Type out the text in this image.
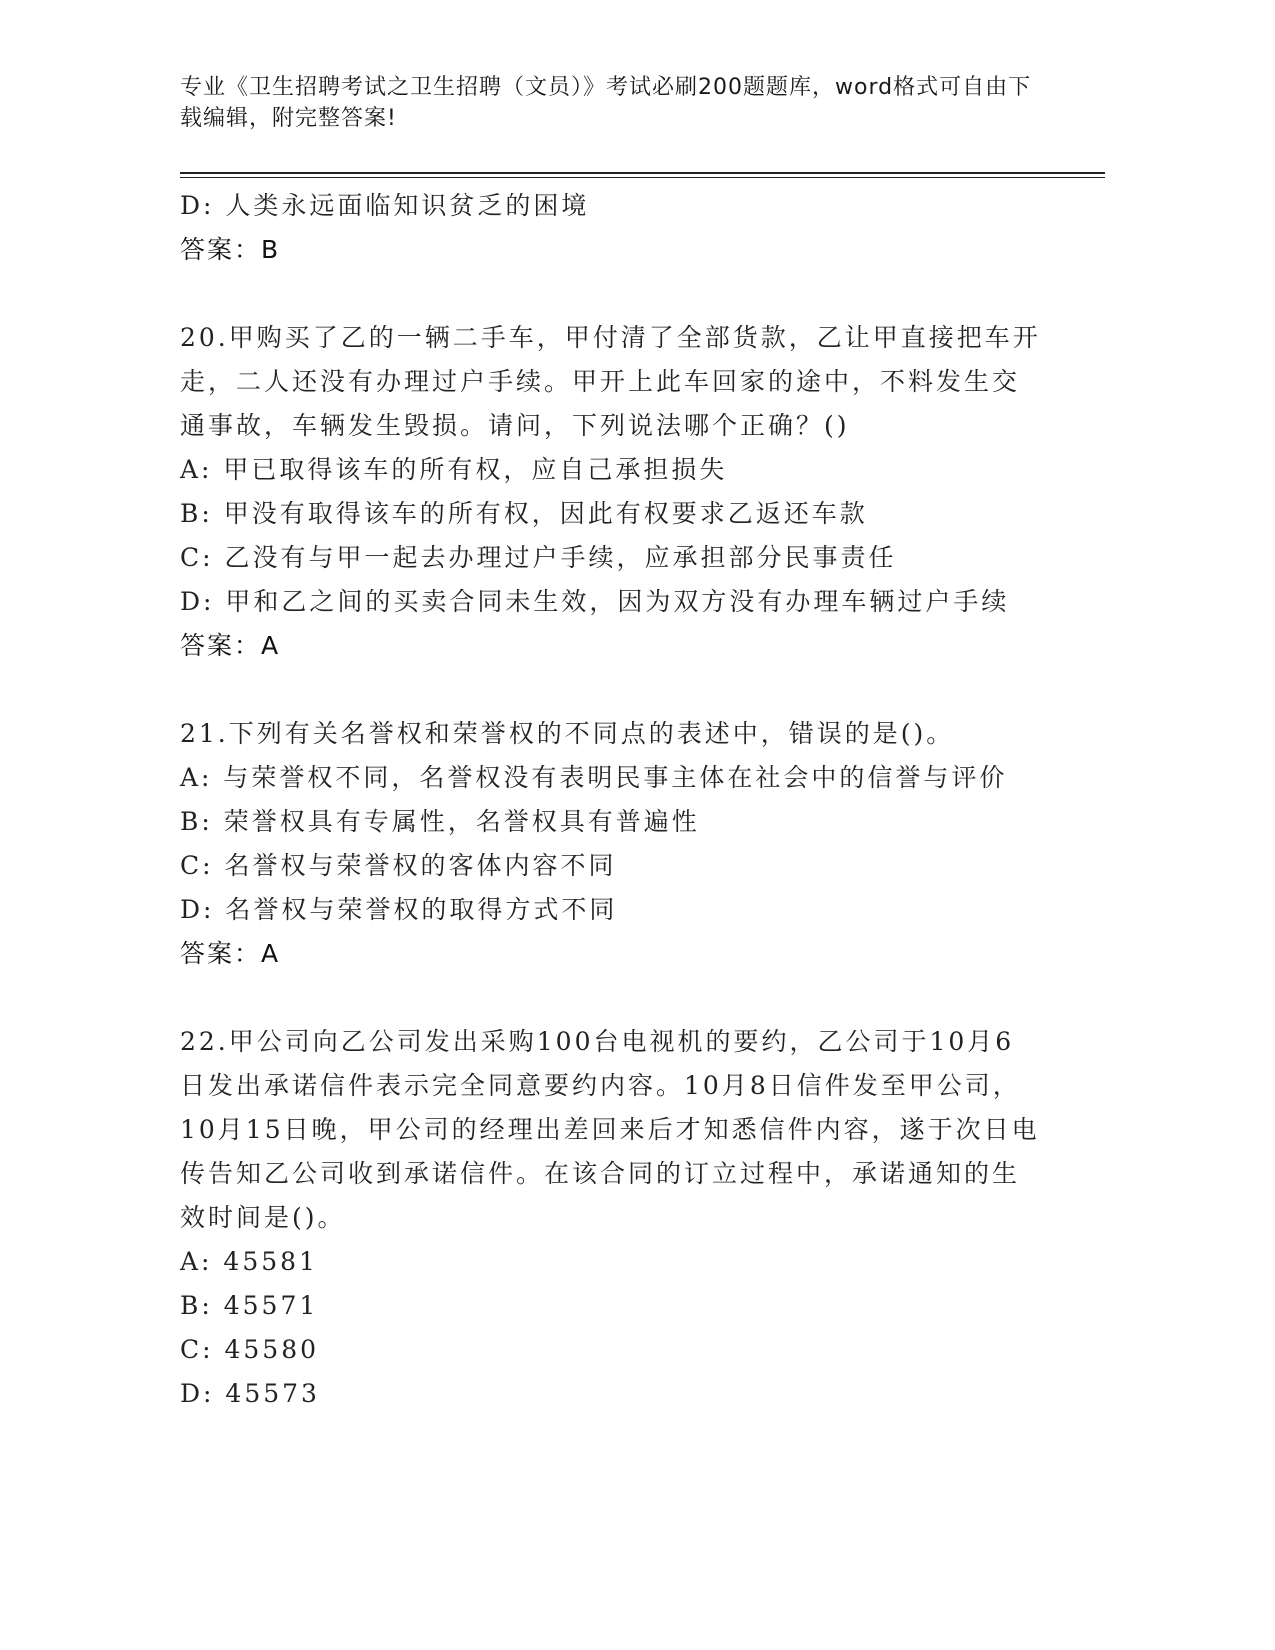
专业《卫生招聘考试之卫生招聘（文员）》考试必刷200题题库，word格式可自由下载编辑，附完整答案!
D: 人类永远面临知识贫乏的困境
答案：B
20.甲购买了乙的一辆二手车，甲付清了全部货款，乙让甲直接把车开
走，二人还没有办理过户手续。甲开上此车回家的途中，不料发生交
通事故，车辆发生毁损。请问，下列说法哪个正确？()
A: 甲已取得该车的所有权，应自己承担损失
B: 甲没有取得该车的所有权，因此有权要求乙返还车款
C: 乙没有与甲一起去办理过户手续，应承担部分民事责任
D: 甲和乙之间的买卖合同未生效，因为双方没有办理车辆过户手续
答案：A
21.下列有关名誉权和荣誉权的不同点的表述中，错误的是()。
A: 与荣誉权不同，名誉权没有表明民事主体在社会中的信誉与评价
B: 荣誉权具有专属性，名誉权具有普遍性
C: 名誉权与荣誉权的客体内容不同
D: 名誉权与荣誉权的取得方式不同
答案：A
22.甲公司向乙公司发出采购100台电视机的要约，乙公司于10月6
日发出承诺信件表示完全同意要约内容。10月8日信件发至甲公司，
10月15日晚，甲公司的经理出差回来后才知悉信件内容，遂于次日电
传告知乙公司收到承诺信件。在该合同的订立过程中，承诺通知的生
效时间是()。
A: 45581
B: 45571
C: 45580
D: 45573
